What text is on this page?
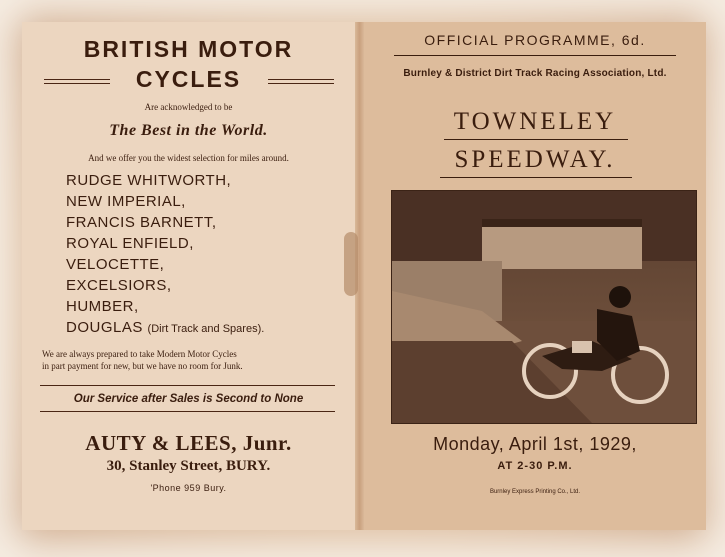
BRITISH MOTOR
CYCLES
Are acknowledged to be
The Best in the World.
And we offer you the widest selection for miles around.
RUDGE WHITWORTH,
NEW IMPERIAL,
FRANCIS BARNETT,
ROYAL ENFIELD,
VELOCETTE,
EXCELSIORS,
HUMBER,
DOUGLAS (Dirt Track and Spares).
We are always prepared to take Modern Motor Cycles
in part payment for new, but we have no room for Junk.
Our Service after Sales is Second to None
AUTY & LEES, Junr.
30, Stanley Street, BURY.
'Phone 959 Bury.
OFFICIAL PROGRAMME, 6d.
Burnley & District Dirt Track Racing Association, Ltd.
TOWNELEY
SPEEDWAY.
Monday, April 1st, 1929,
AT 2-30 P.M.
Burnley Express Printing Co., Ltd.
